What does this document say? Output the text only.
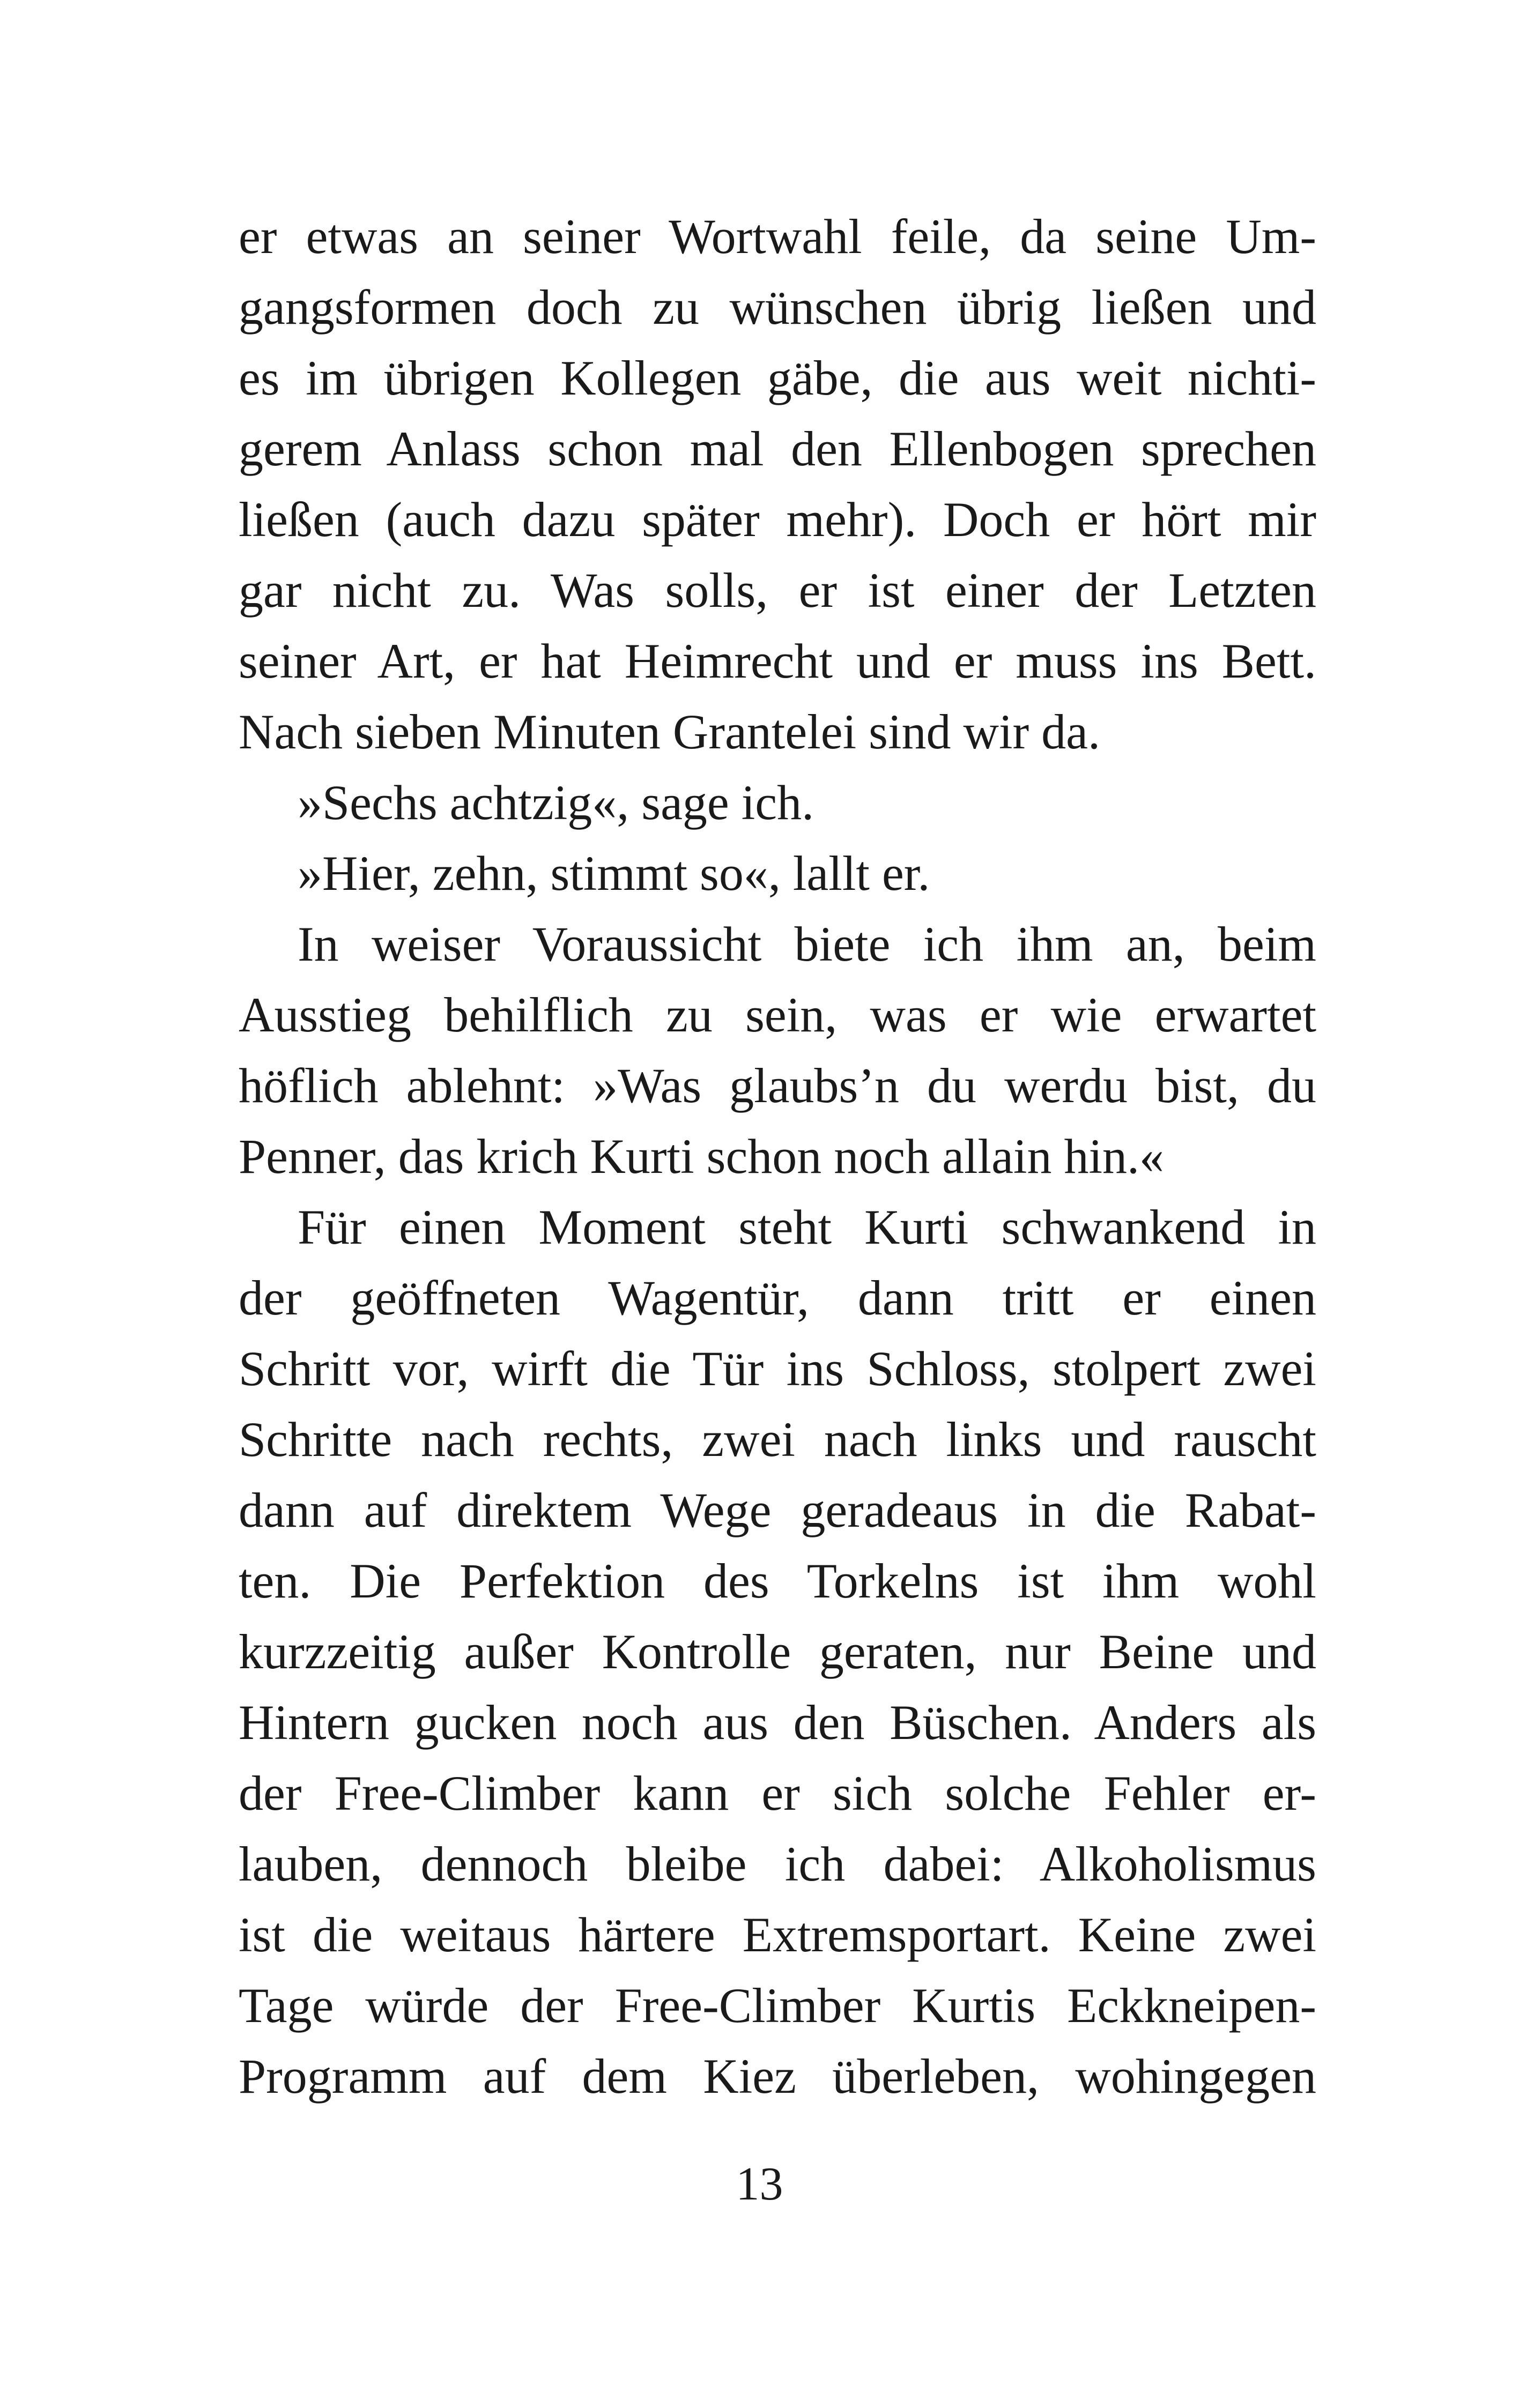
er etwas an seiner Wortwahl feile, da seine Um-
gangsformen doch zu wünschen übrig ließen und
es im übrigen Kollegen gäbe, die aus weit nichti-
gerem Anlass schon mal den Ellenbogen sprechen
ließen (auch dazu später mehr). Doch er hört mir
gar nicht zu. Was solls, er ist einer der Letzten
seiner Art, er hat Heimrecht und er muss ins Bett.
Nach sieben Minuten Grantelei sind wir da.
»Sechs achtzig«, sage ich.
»Hier, zehn, stimmt so«, lallt er.
In weiser Voraussicht biete ich ihm an, beim
Ausstieg behilflich zu sein, was er wie erwartet
höflich ablehnt: »Was glaubs’n du werdu bist, du
Penner, das krich Kurti schon noch allain hin.«
Für einen Moment steht Kurti schwankend in
der geöffneten Wagentür, dann tritt er einen
Schritt vor, wirft die Tür ins Schloss, stolpert zwei
Schritte nach rechts, zwei nach links und rauscht
dann auf direktem Wege geradeaus in die Rabat-
ten. Die Perfektion des Torkelns ist ihm wohl
kurzzeitig außer Kontrolle geraten, nur Beine und
Hintern gucken noch aus den Büschen. Anders als
der Free-Climber kann er sich solche Fehler er-
lauben, dennoch bleibe ich dabei: Alkoholismus
ist die weitaus härtere Extremsportart. Keine zwei
Tage würde der Free-Climber Kurtis Eckkneipen-
Programm auf dem Kiez überleben, wohingegen
13
